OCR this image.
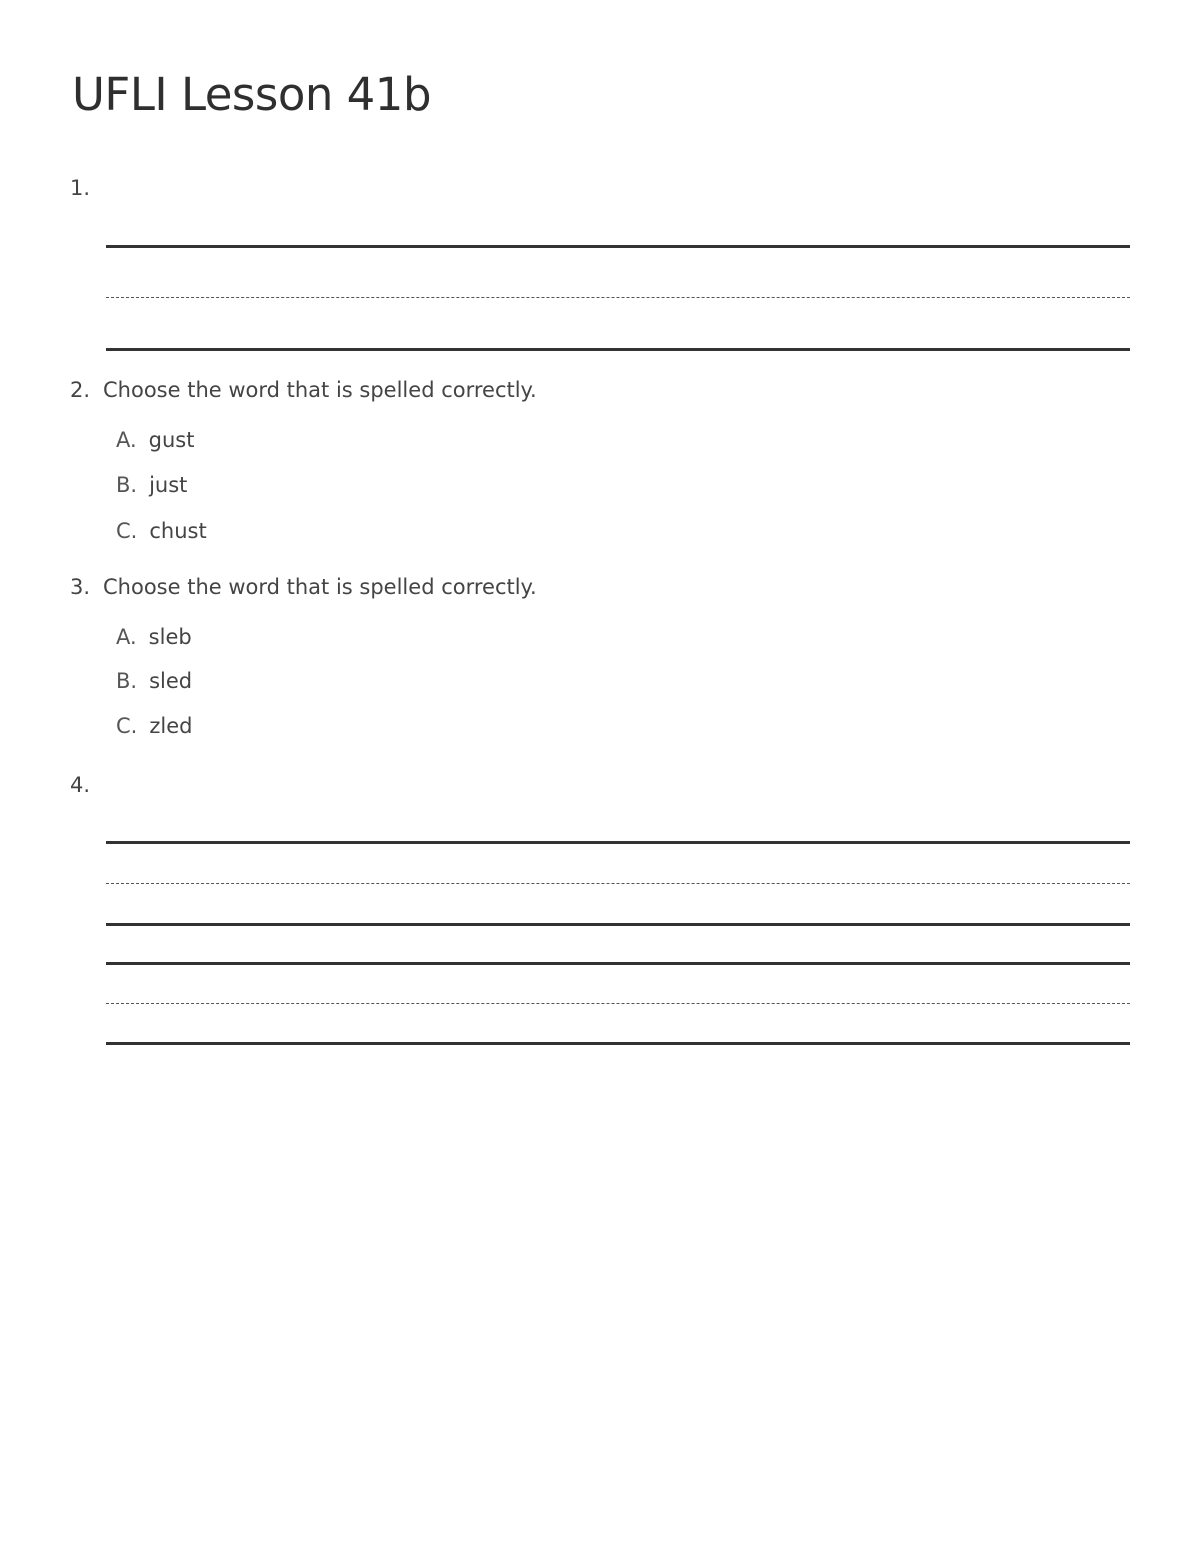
UFLI Lesson 41b
1.
2. Choose the word that is spelled correctly.
A. gust
B. just
C. chust
3. Choose the word that is spelled correctly.
A. sleb
B. sled
C. zled
4.
